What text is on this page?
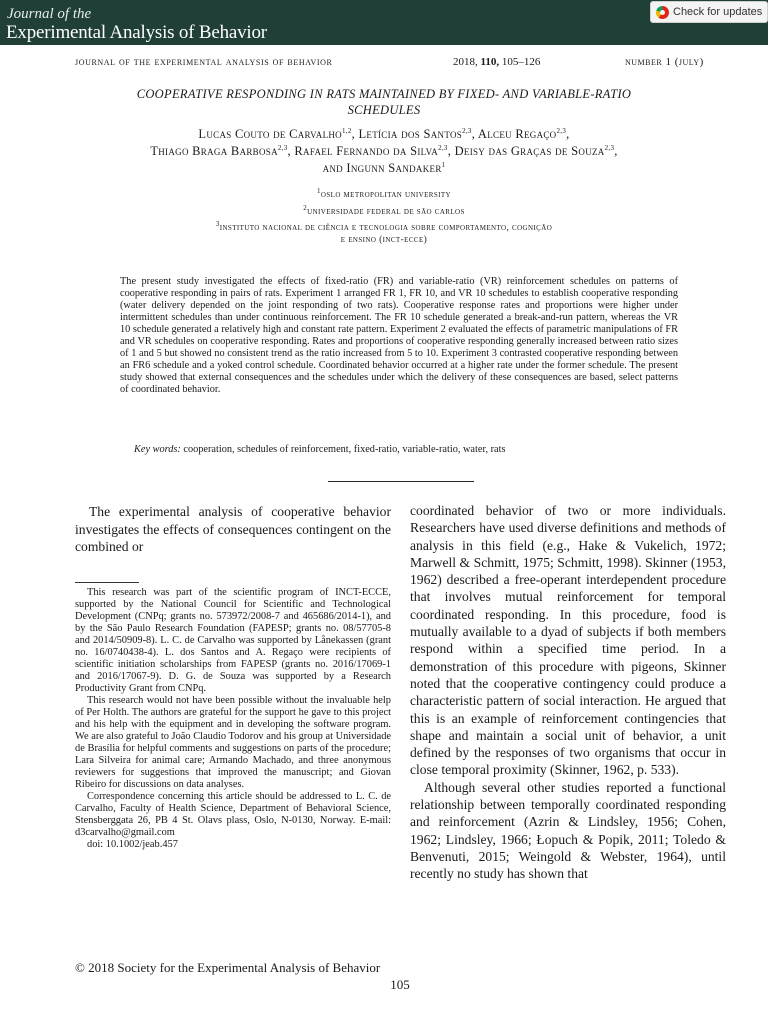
Journal of the
Experimental Analysis of Behavior
Check for updates
journal of the experimental analysis of behavior	2018, 110, 105–126	number 1 (july)
COOPERATIVE RESPONDING IN RATS MAINTAINED BY FIXED- AND VARIABLE-RATIO SCHEDULES
Lucas Couto de Carvalho$^{1,2}$, Letícia dos Santos$^{2,3}$, Alceu Regaço$^{2,3}$,
Thiago Braga Barbosa$^{2,3}$, Rafael Fernando da Silva$^{2,3}$, Deisy das Graças de Souza$^{2,3}$,
and Ingunn Sandaker$^1$
$^1$oslo metropolitan university
$^2$universidade federal de são carlos
$^3$instituto nacional de ciência e tecnologia sobre comportamento, cognição
e ensino (inct-ecce)
The present study investigated the effects of fixed-ratio (FR) and variable-ratio (VR) reinforcement schedules on patterns of cooperative responding in pairs of rats. Experiment 1 arranged FR 1, FR 10, and VR 10 schedules to establish cooperative responding (water delivery depended on the joint responding of two rats). Cooperative response rates and proportions were higher under intermittent schedules than under continuous reinforcement. The FR 10 schedule generated a break-and-run pattern, whereas the VR 10 schedule generated a relatively high and constant rate pattern. Experiment 2 evaluated the effects of parametric manipulations of FR and VR schedules on cooperative responding. Rates and proportions of cooperative responding generally increased between ratio sizes of 1 and 5 but showed no consistent trend as the ratio increased from 5 to 10. Experiment 3 contrasted cooperative responding between an FR6 schedule and a yoked control schedule. Coordinated behavior occurred at a higher rate under the former schedule. The present study showed that external consequences and the schedules under which the delivery of these consequences are based, select patterns of coordinated behavior.
Key words: cooperation, schedules of reinforcement, fixed-ratio, variable-ratio, water, rats
The experimental analysis of cooperative behavior investigates the effects of consequences contingent on the combined or

This research was part of the scientific program of INCT-ECCE, supported by the National Council for Scientific and Technological Development (CNPq; grants no. 573972/2008-7 and 465686/2014-1), and by the São Paulo Research Foundation (FAPESP; grants no. 08/57705-8 and 2014/50909-8). L. C. de Carvalho was supported by Lånekassen (grant no. 16/0740438-4). L. dos Santos and A. Regaço were recipients of scientific initiation scholarships from FAPESP (grants no. 2016/17069-1 and 2016/17067-9). D. G. de Souza was supported by a Research Productivity Grant from CNPq.

This research would not have been possible without the invaluable help of Per Holth. The authors are grateful for the support he gave to this project and his help with the equipment and in developing the software program. We are also grateful to João Claudio Todorov and his group at Universidade de Brasília for helpful comments and suggestions on parts of the procedure; Lara Silveira for animal care; Armando Machado, and three anonymous reviewers for suggestions that improved the manuscript; and Giovan Ribeiro for discussions on data analyses.

Correspondence concerning this article should be addressed to L. C. de Carvalho, Faculty of Health Science, Department of Behavioral Science, Stensberggata 26, PB 4 St. Olavs plass, Oslo, N-0130, Norway. E-mail: d3carvalho@gmail.com

doi: 10.1002/jeab.457

coordinated behavior of two or more individuals. Researchers have used diverse definitions and methods of analysis in this field (e.g., Hake & Vukelich, 1972; Marwell & Schmitt, 1975; Schmitt, 1998). Skinner (1953, 1962) described a free-operant interdependent procedure that involves mutual reinforcement for temporal coordinated responding. In this procedure, food is mutually available to a dyad of subjects if both members respond within a specified time period. In a demonstration of this procedure with pigeons, Skinner noted that the cooperative contingency could produce a characteristic pattern of social interaction. He argued that this is an example of reinforcement contingencies that shape and maintain a social unit of behavior, a unit defined by the responses of two organisms that occur in close temporal proximity (Skinner, 1962, p. 533).

Although several other studies reported a functional relationship between temporally coordinated responding and reinforcement (Azrin & Lindsley, 1956; Cohen, 1962; Lindsley, 1966; Łopuch & Popik, 2011; Toledo & Benvenuti, 2015; Weingold & Webster, 1964), until recently no study has shown that

© 2018 Society for the Experimental Analysis of Behavior
105
